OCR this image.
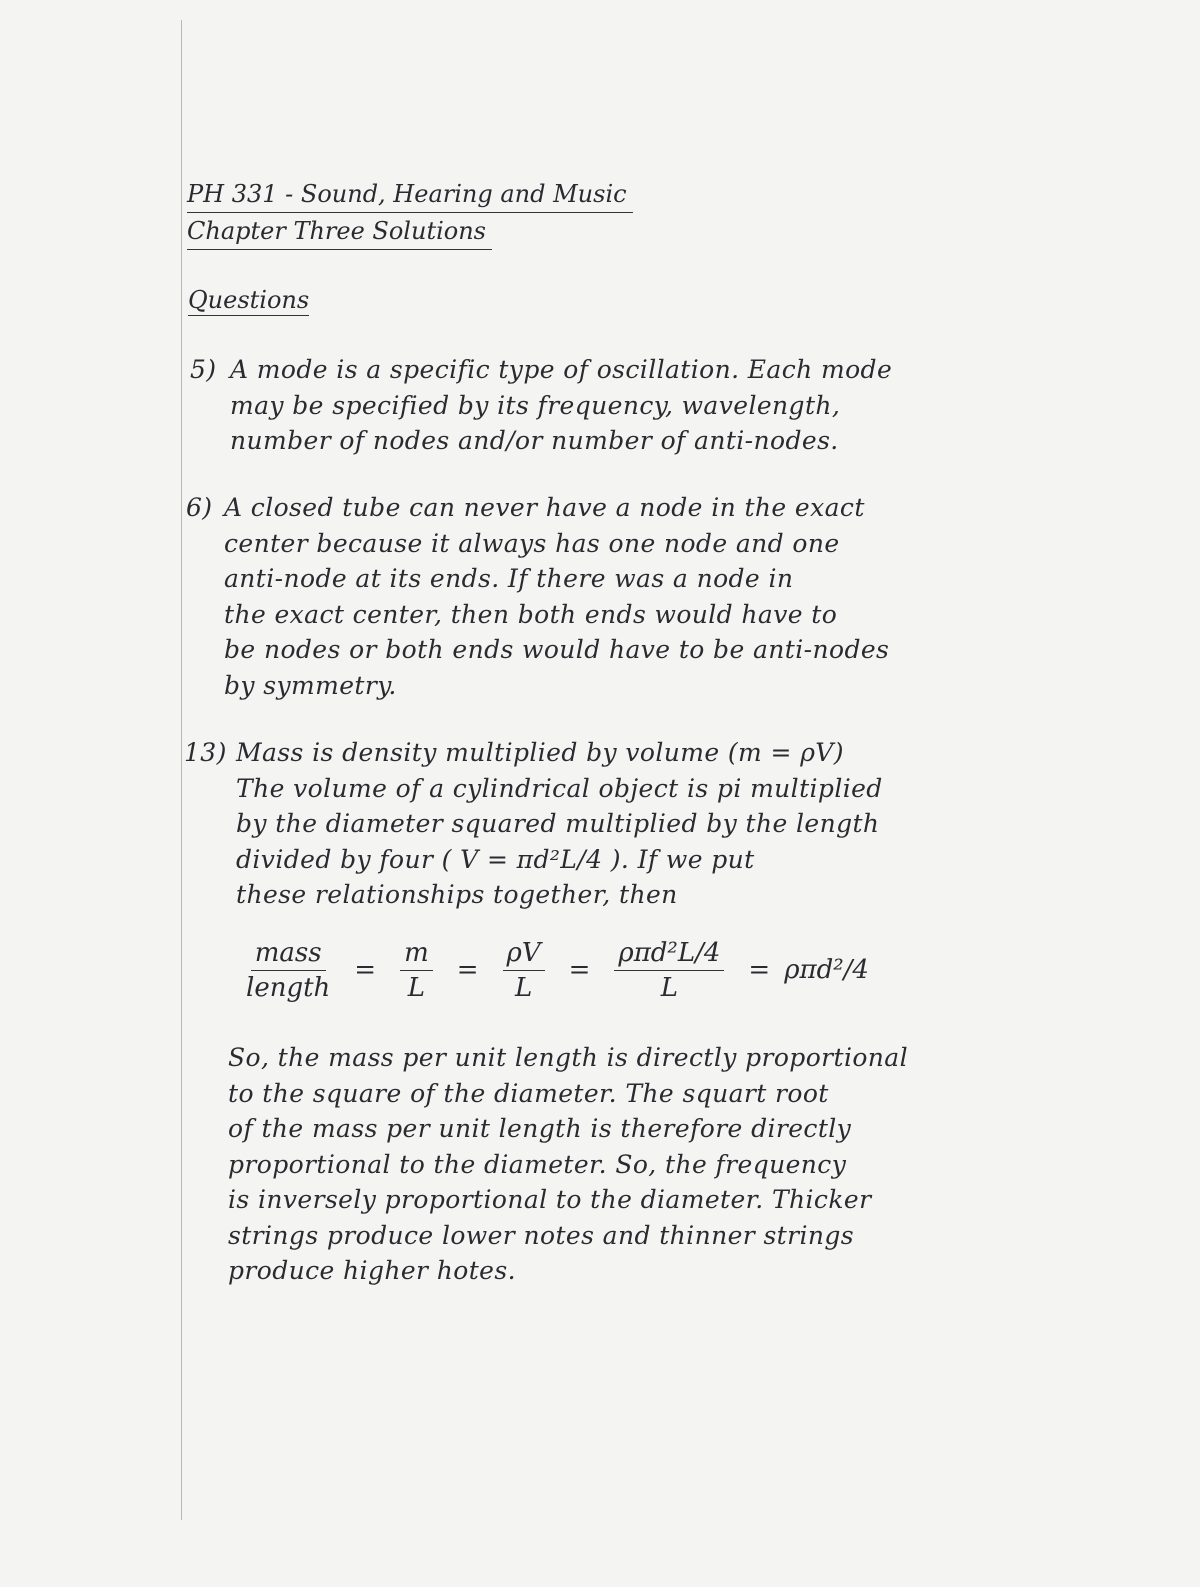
PH 331 - Sound, Hearing and Music
Chapter Three Solutions
Questions
5) A mode is a specific type of oscillation. Each mode
may be specified by its frequency, wavelength,
number of nodes and/or number of anti-nodes.
6) A closed tube can never have a node in the exact
center because it always has one node and one
anti-node at its ends. If there was a node in
the exact center, then both ends would have to
be nodes or both ends would have to be anti-nodes
by symmetry.
13) Mass is density multiplied by volume (m = ρV)
The volume of a cylindrical object is pi multiplied
by the diameter squared multiplied by the length
divided by four ( V = πd²L/4 ). If we put
these relationships together, then
$\frac{\text{mass}}{\text{length}} = \frac{m}{L} = \frac{\rho V}{L} = \frac{\text{ρπd²L/4}}{L} = \rho\pi d^2/4$
So, the mass per unit length is directly proportional
to the square of the diameter. The squart root
of the mass per unit length is therefore directly
proportional to the diameter. So, the frequency
is inversely proportional to the diameter. Thicker
strings produce lower notes and thinner strings
produce higher hotes.
